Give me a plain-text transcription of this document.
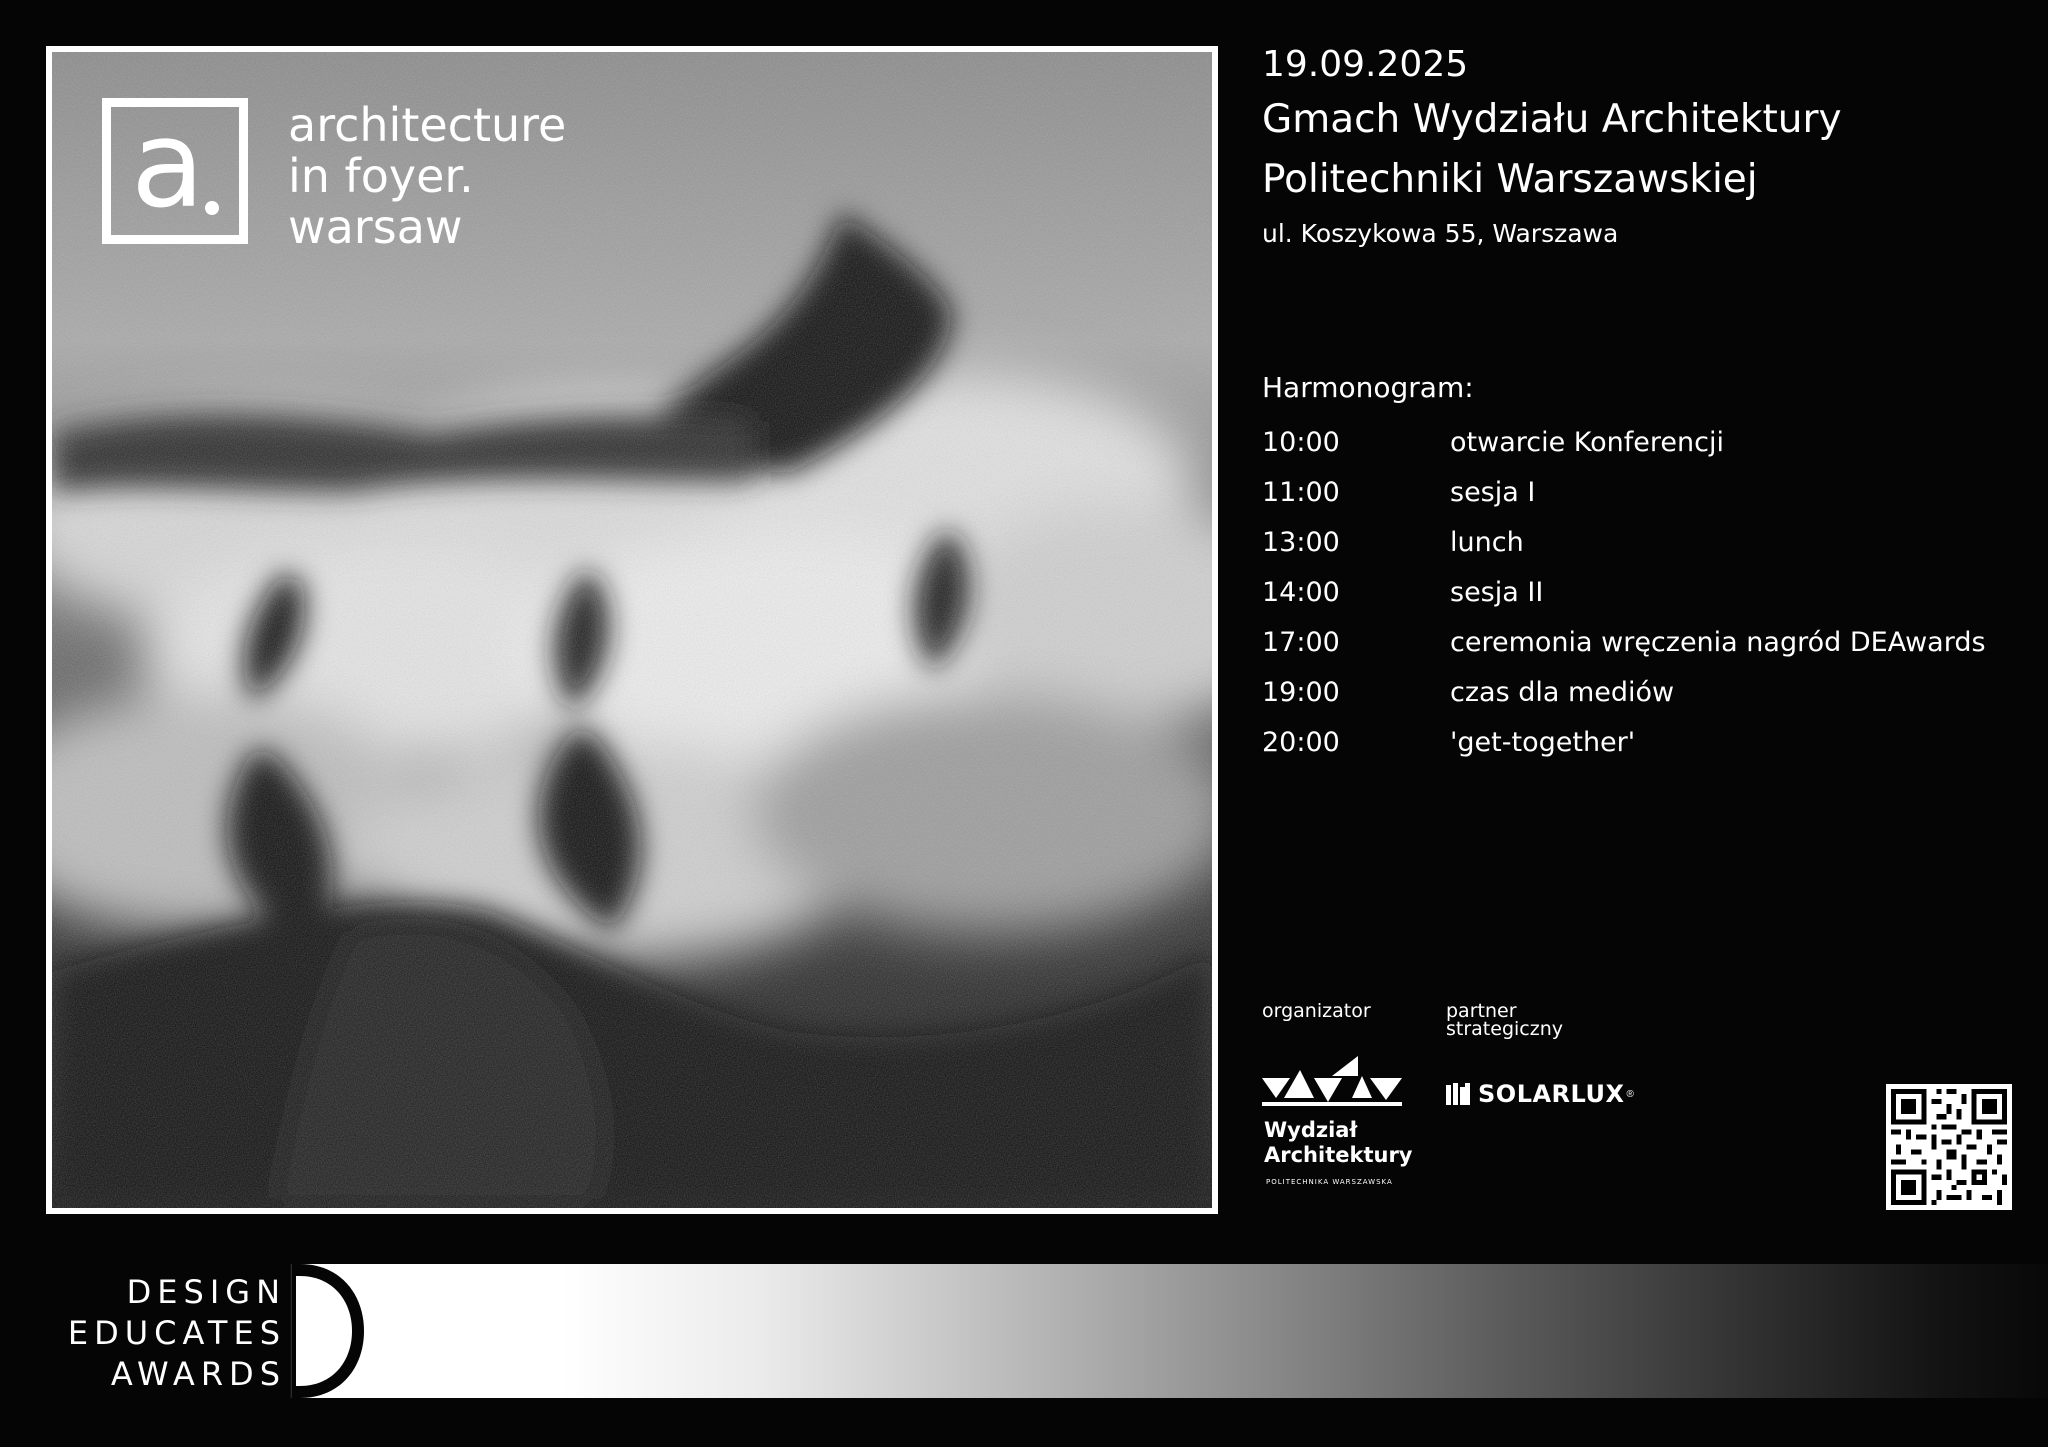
a architecture
in foyer.
warsaw
19.09.2025
Gmach Wydziału Architektury
Politechniki Warszawskiej
ul. Koszykowa 55, Warszawa
Harmonogram:
10:00	otwarcie Konferencji
11:00	sesja I
13:00	lunch
14:00	sesja II
17:00	ceremonia wręczenia nagród DEAwards
19:00	czas dla mediów
20:00	'get-together'
organizator	partner
strategiczny
Wydział
Architektury
POLITECHNIKA WARSZAWSKA
SOLARLUX ®
DESIGN
EDUCATES
AWARDS
